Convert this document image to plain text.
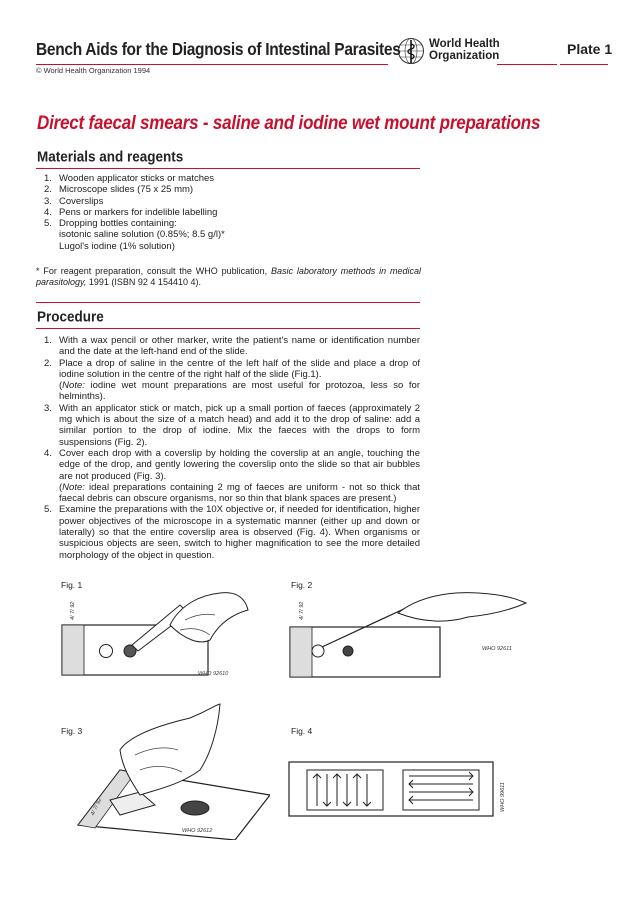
Bench Aids for the Diagnosis of Intestinal Parasites World Health
Organization	Plate 1
© World Health Organization 1994
Direct faecal smears - saline and iodine wet mount preparations
Materials and reagents
1. Wooden applicator sticks or matches
2. Microscope slides (75 x 25 mm)
3. Coverslips
4. Pens or markers for indelible labelling
5. Dropping bottles containing:
isotonic saline solution (0.85%; 8.5 g/l)*
Lugol's iodine (1% solution)
* For reagent preparation, consult the WHO publication, Basic laboratory methods in medical parasitology, 1991 (ISBN 92 4 154410 4).
Procedure
1. With a wax pencil or other marker, write the patient's name or identification number and the date at the left-hand end of the slide.
2. Place a drop of saline in the centre of the left half of the slide and place a drop of iodine solution in the centre of the right half of the slide (Fig.1).
(Note: iodine wet mount preparations are most useful for protozoa, less so for helminths).
3. With an applicator stick or match, pick up a small portion of faeces (approximately 2 mg which is about the size of a match head) and add it to the drop of saline: add a similar portion to the drop of iodine. Mix the faeces with the drops to form suspensions (Fig. 2).
4. Cover each drop with a coverslip by holding the coverslip at an angle, touching the edge of the drop, and gently lowering the coverslip onto the slide so that air bubbles are not produced (Fig. 3).
(Note: ideal preparations containing 2 mg of faeces are uniform - not so thick that faecal debris can obscure organisms, nor so thin that blank spaces are present.)
5. Examine the preparations with the 10X objective or, if needed for identification, higher power objectives of the microscope in a systematic manner (either up and down or laterally) so that the entire coverslip area is observed (Fig. 4). When organisms or suspicious objects are seen, switch to higher magnification to see the more detailed morphology of the object in question.
Fig. 1
4/ 7/ 92
WHO 92610
Fig. 2
4/ 7/ 92
WHO 92611
Fig. 3
4/ 7/ 92
WHO 92612
Fig. 4
WHO 99611
